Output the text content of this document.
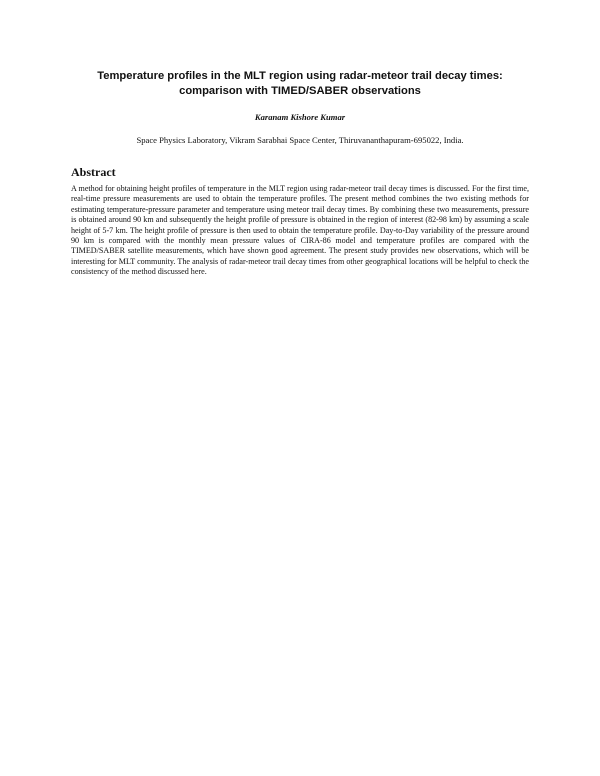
Temperature profiles in the MLT region using radar-meteor trail decay times:
comparison with TIMED/SABER observations

Karanam Kishore Kumar

Space Physics Laboratory, Vikram Sarabhai Space Center, Thiruvananthapuram-695022, India.

Abstract

A method for obtaining height profiles of temperature in the MLT region using radar-meteor trail decay times is discussed. For the first time, real-time pressure measurements are used to obtain the temperature profiles. The present method combines the two existing methods for estimating temperature-pressure parameter and temperature using meteor trail decay times. By combining these two measurements, pressure is obtained around 90 km and subsequently the height profile of pressure is obtained in the region of interest (82-98 km) by assuming a scale height of 5-7 km. The height profile of pressure is then used to obtain the temperature profile. Day-to-Day variability of the pressure around 90 km is compared with the monthly mean pressure values of CIRA-86 model and temperature profiles are compared with the TIMED/SABER satellite measurements, which have shown good agreement. The present study provides new observations, which will be interesting for MLT community. The analysis of radar-meteor trail decay times from other geographical locations will be helpful to check the consistency of the method discussed here.
